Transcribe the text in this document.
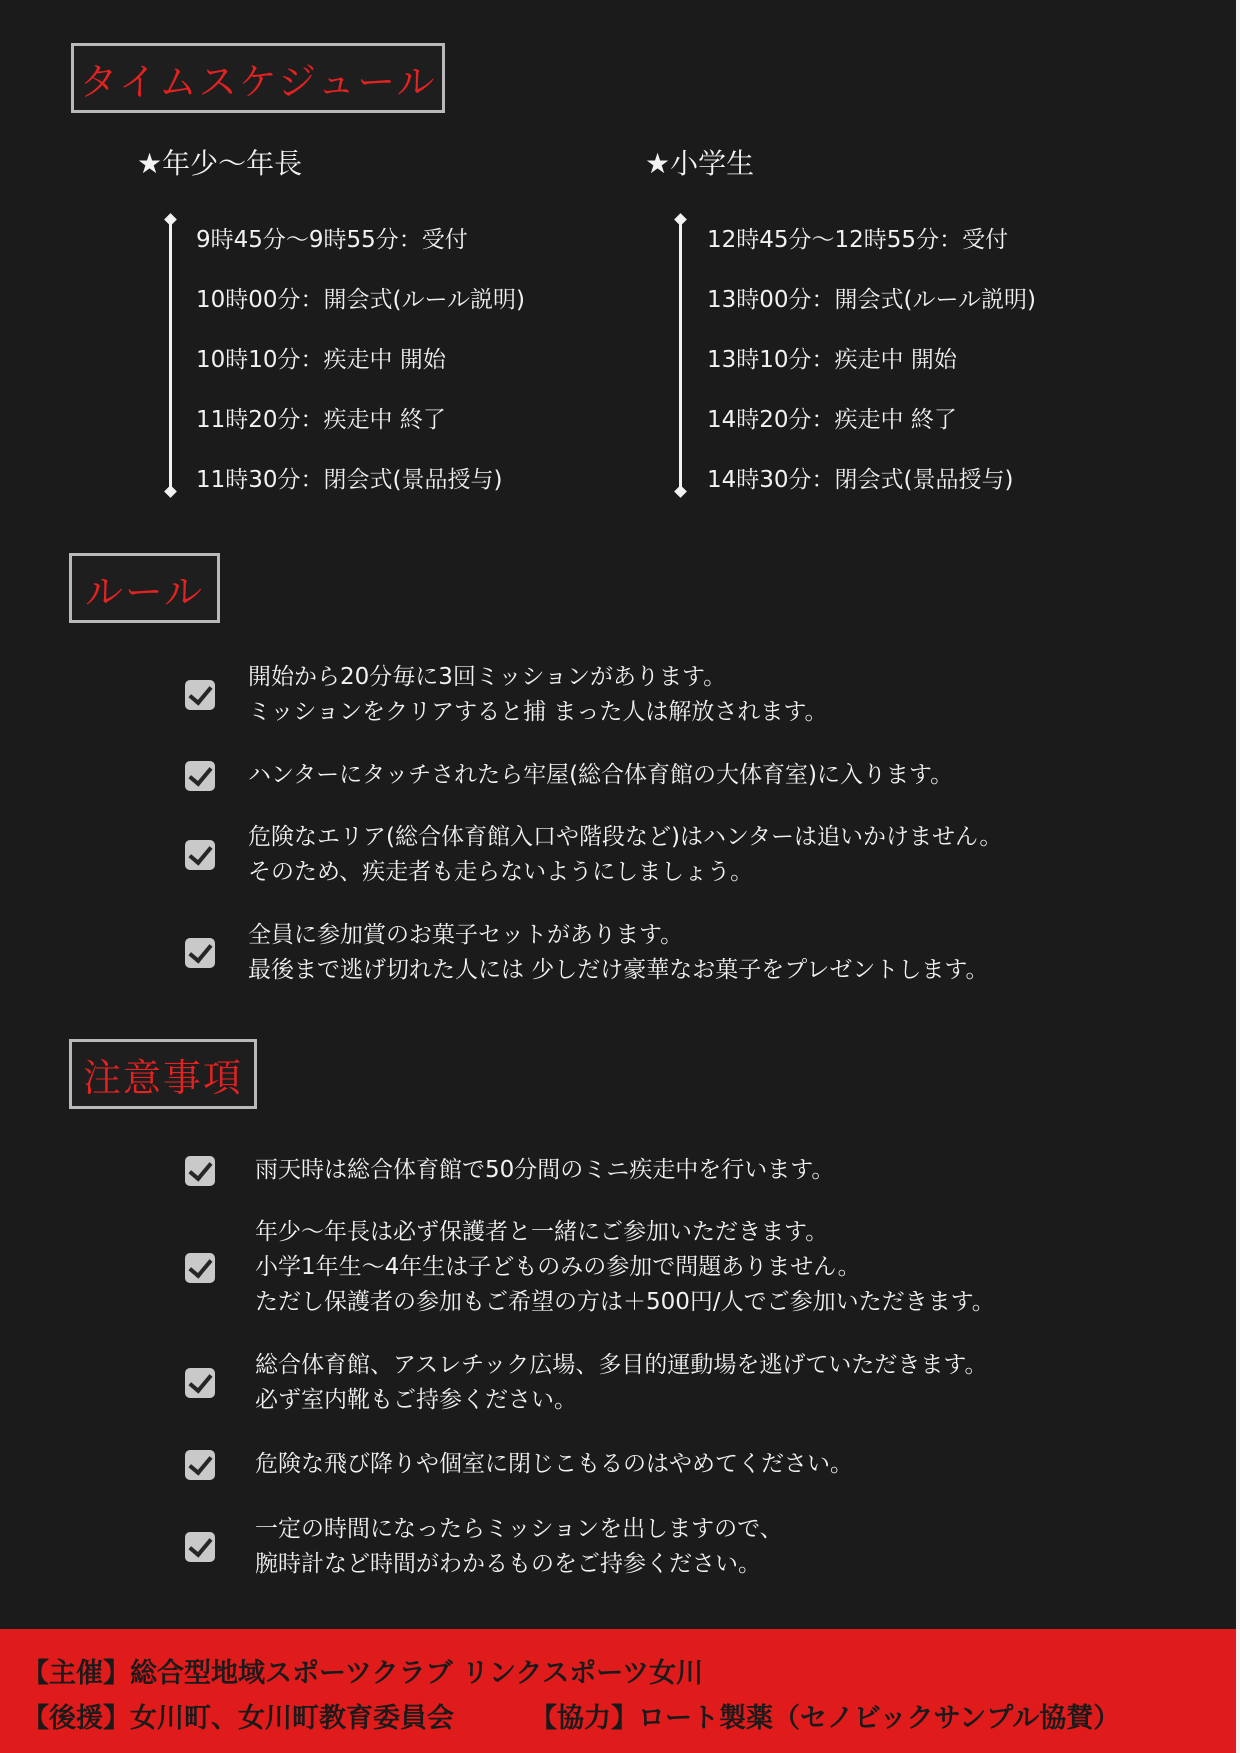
タイムスケジュール
★年少〜年長	★小学生
9時45分〜9時55分：受付
10時00分：開会式(ルール説明)
10時10分：疾走中 開始
11時20分：疾走中 終了
11時30分：閉会式(景品授与)
12時45分〜12時55分：受付
13時00分：開会式(ルール説明)
13時10分：疾走中 開始
14時20分：疾走中 終了
14時30分：閉会式(景品授与)
ルール
開始から20分毎に3回ミッションがあります。
ミッションをクリアすると捕 まった人は解放されます。
ハンターにタッチされたら牢屋(総合体育館の大体育室)に入ります。
危険なエリア(総合体育館入口や階段など)はハンターは追いかけません。
そのため、疾走者も走らないようにしましょう。
全員に参加賞のお菓子セットがあります。
最後まで逃げ切れた人には 少しだけ豪華なお菓子をプレゼントします。
注意事項
雨天時は総合体育館で50分間のミニ疾走中を行います。
年少〜年長は必ず保護者と一緒にご参加いただきます。
小学1年生〜4年生は子どものみの参加で問題ありません。
ただし保護者の参加もご希望の方は＋500円/人でご参加いただきます。
総合体育館、アスレチック広場、多目的運動場を逃げていただきます。
必ず室内靴もご持参ください。
危険な飛び降りや個室に閉じこもるのはやめてください。
一定の時間になったらミッションを出しますので、
腕時計など時間がわかるものをご持参ください。
【主催】総合型地域スポーツクラブ リンクスポーツ女川
【後援】女川町、女川町教育委員会	【協力】ロート製薬（セノビックサンプル協賛）
